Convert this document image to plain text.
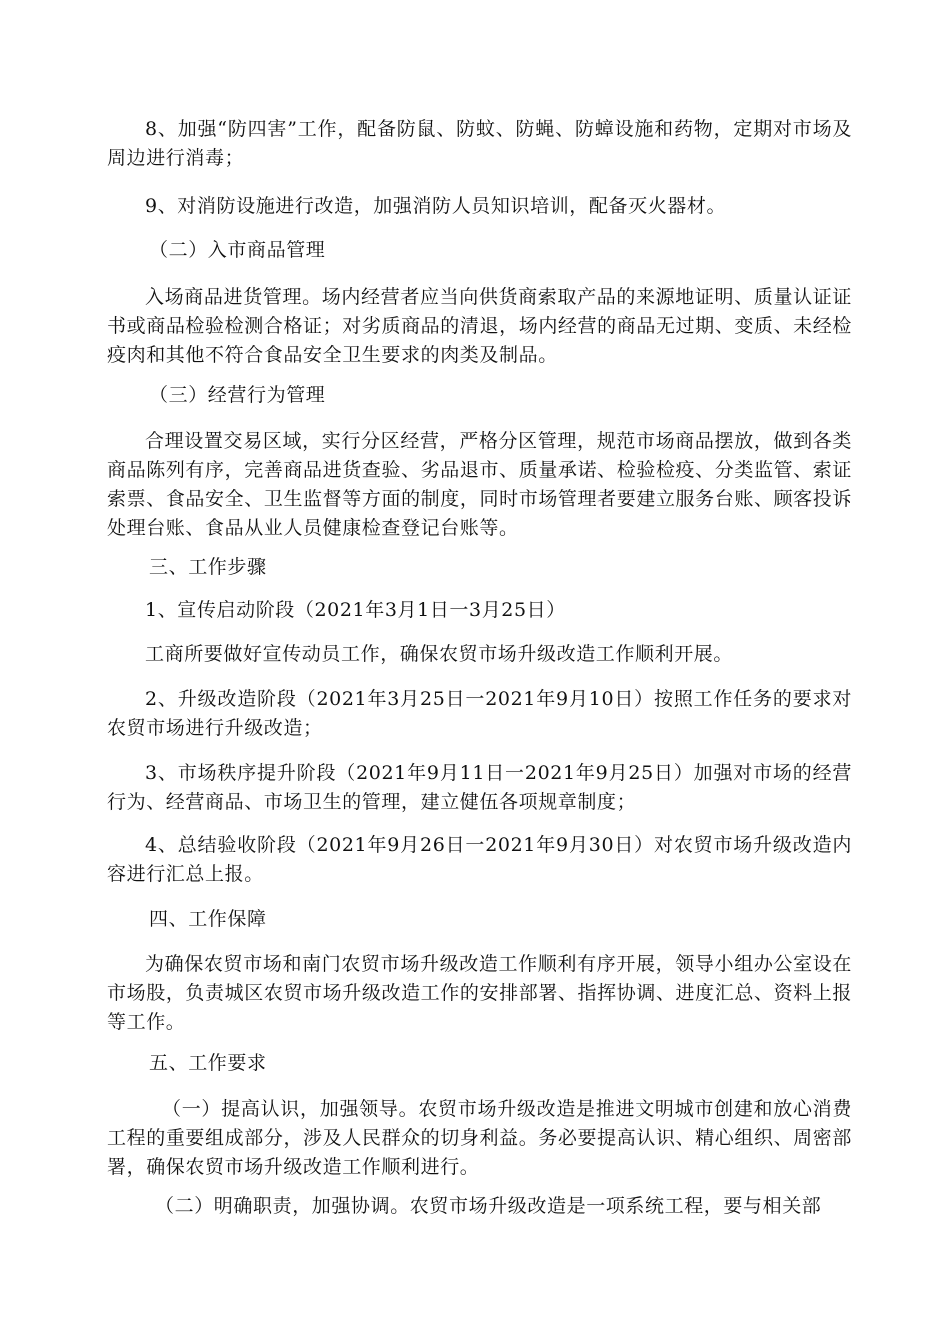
8、加强“防四害”工作，配备防鼠、防蚊、防蝇、防蟑设施和药物，定期对市场及周边进行消毒；

9、对消防设施进行改造，加强消防人员知识培训，配备灭火器材。

（二）入市商品管理

入场商品进货管理。场内经营者应当向供货商索取产品的来源地证明、质量认证证书或商品检验检测合格证；对劣质商品的清退，场内经营的商品无过期、变质、未经检疫肉和其他不符合食品安全卫生要求的肉类及制品。

（三）经营行为管理

合理设置交易区域，实行分区经营，严格分区管理，规范市场商品摆放，做到各类商品陈列有序，完善商品进货查验、劣品退市、质量承诺、检验检疫、分类监管、索证索票、食品安全、卫生监督等方面的制度，同时市场管理者要建立服务台账、顾客投诉处理台账、食品从业人员健康检查登记台账等。

三、工作步骤

1、宣传启动阶段（2021年3月1日一3月25日）

工商所要做好宣传动员工作，确保农贸市场升级改造工作顺利开展。

2、升级改造阶段（2021年3月25日一2021年9月10日）按照工作任务的要求对农贸市场进行升级改造；

3、市场秩序提升阶段（2021年9月11日一2021年9月25日）加强对市场的经营行为、经营商品、市场卫生的管理，建立健伍各项规章制度；

4、总结验收阶段（2021年9月26日一2021年9月30日）对农贸市场升级改造内容进行汇总上报。

四、工作保障

为确保农贸市场和南门农贸市场升级改造工作顺利有序开展，领导小组办公室设在市场股，负责城区农贸市场升级改造工作的安排部署、指挥协调、进度汇总、资料上报等工作。

五、工作要求

（一）提高认识，加强领导。农贸市场升级改造是推进文明城市创建和放心消费工程的重要组成部分，涉及人民群众的切身利益。务必要提高认识、精心组织、周密部署，确保农贸市场升级改造工作顺利进行。

（二）明确职责，加强协调。农贸市场升级改造是一项系统工程，要与相关部
